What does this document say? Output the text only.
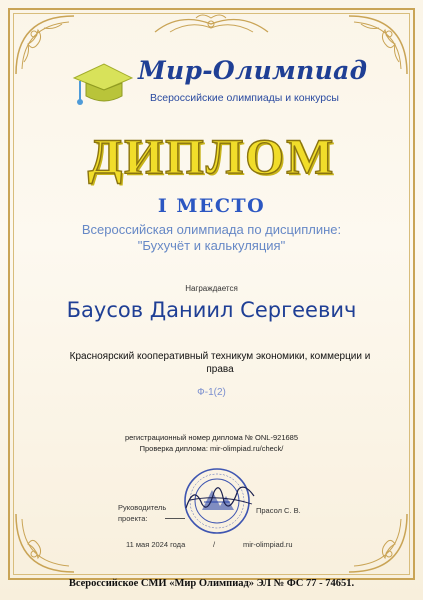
Мир-Олимпиад
Всероссийские олимпиады и конкурсы
ДИПЛОМ
I МЕСТО
Всероссийская олимпиада по дисциплине:
"Бухучёт и калькуляция"
Награждается
Баусов Даниил Сергеевич
Красноярский кооперативный техникум экономики, коммерции и права
Ф-1(2)
регистрационный номер диплома № ONL-921685
Проверка диплома: mir-olimpiad.ru/check/
Руководитель проекта:
Прасол С. В.
11 мая 2024 года	/	mir-olimpiad.ru
Всероссийское СМИ «Мир Олимпиад» ЭЛ № ФС 77 - 74651.
